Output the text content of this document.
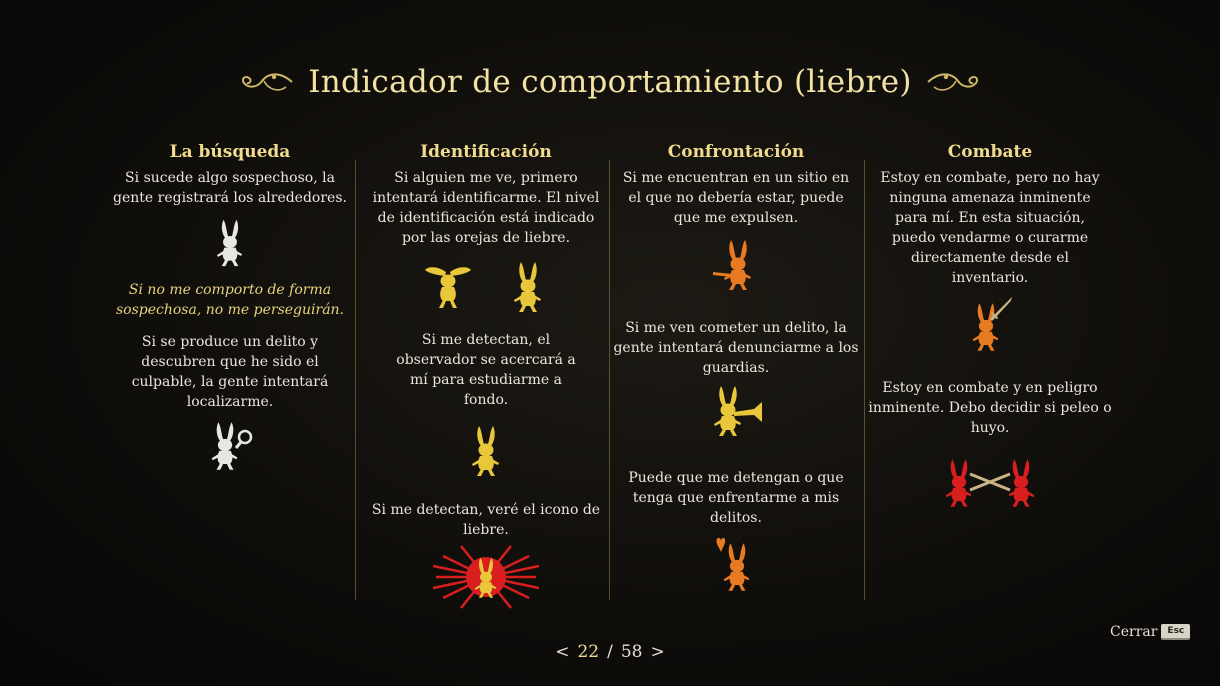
Indicador de comportamiento (liebre)
La búsqueda

Si sucede algo sospechoso, la gente registrará los alrededores.

Si no me comporto de forma sospechosa, no me perseguirán.

Si se produce un delito y descubren que he sido el culpable, la gente intentará localizarme.

Identificación

Si alguien me ve, primero intentará identificarme. El nivel de identificación está indicado por las orejas de liebre.

Si me detectan, el observador se acercará a mí para estudiarme a fondo.

Si me detectan, veré el icono de liebre.

Confrontación

Si me encuentran en un sitio en el que no debería estar, puede que me expulsen.

Si me ven cometer un delito, la gente intentará denunciarme a los guardias.

Puede que me detengan o que tenga que enfrentarme a mis delitos.

Combate

Estoy en combate, pero no hay ninguna amenaza inminente para mí. En esta situación, puedo vendarme o curarme directamente desde el inventario.

Estoy en combate y en peligro inminente. Debo decidir si peleo o huyo.

< 22 / 58 >
Cerrar	Esc
